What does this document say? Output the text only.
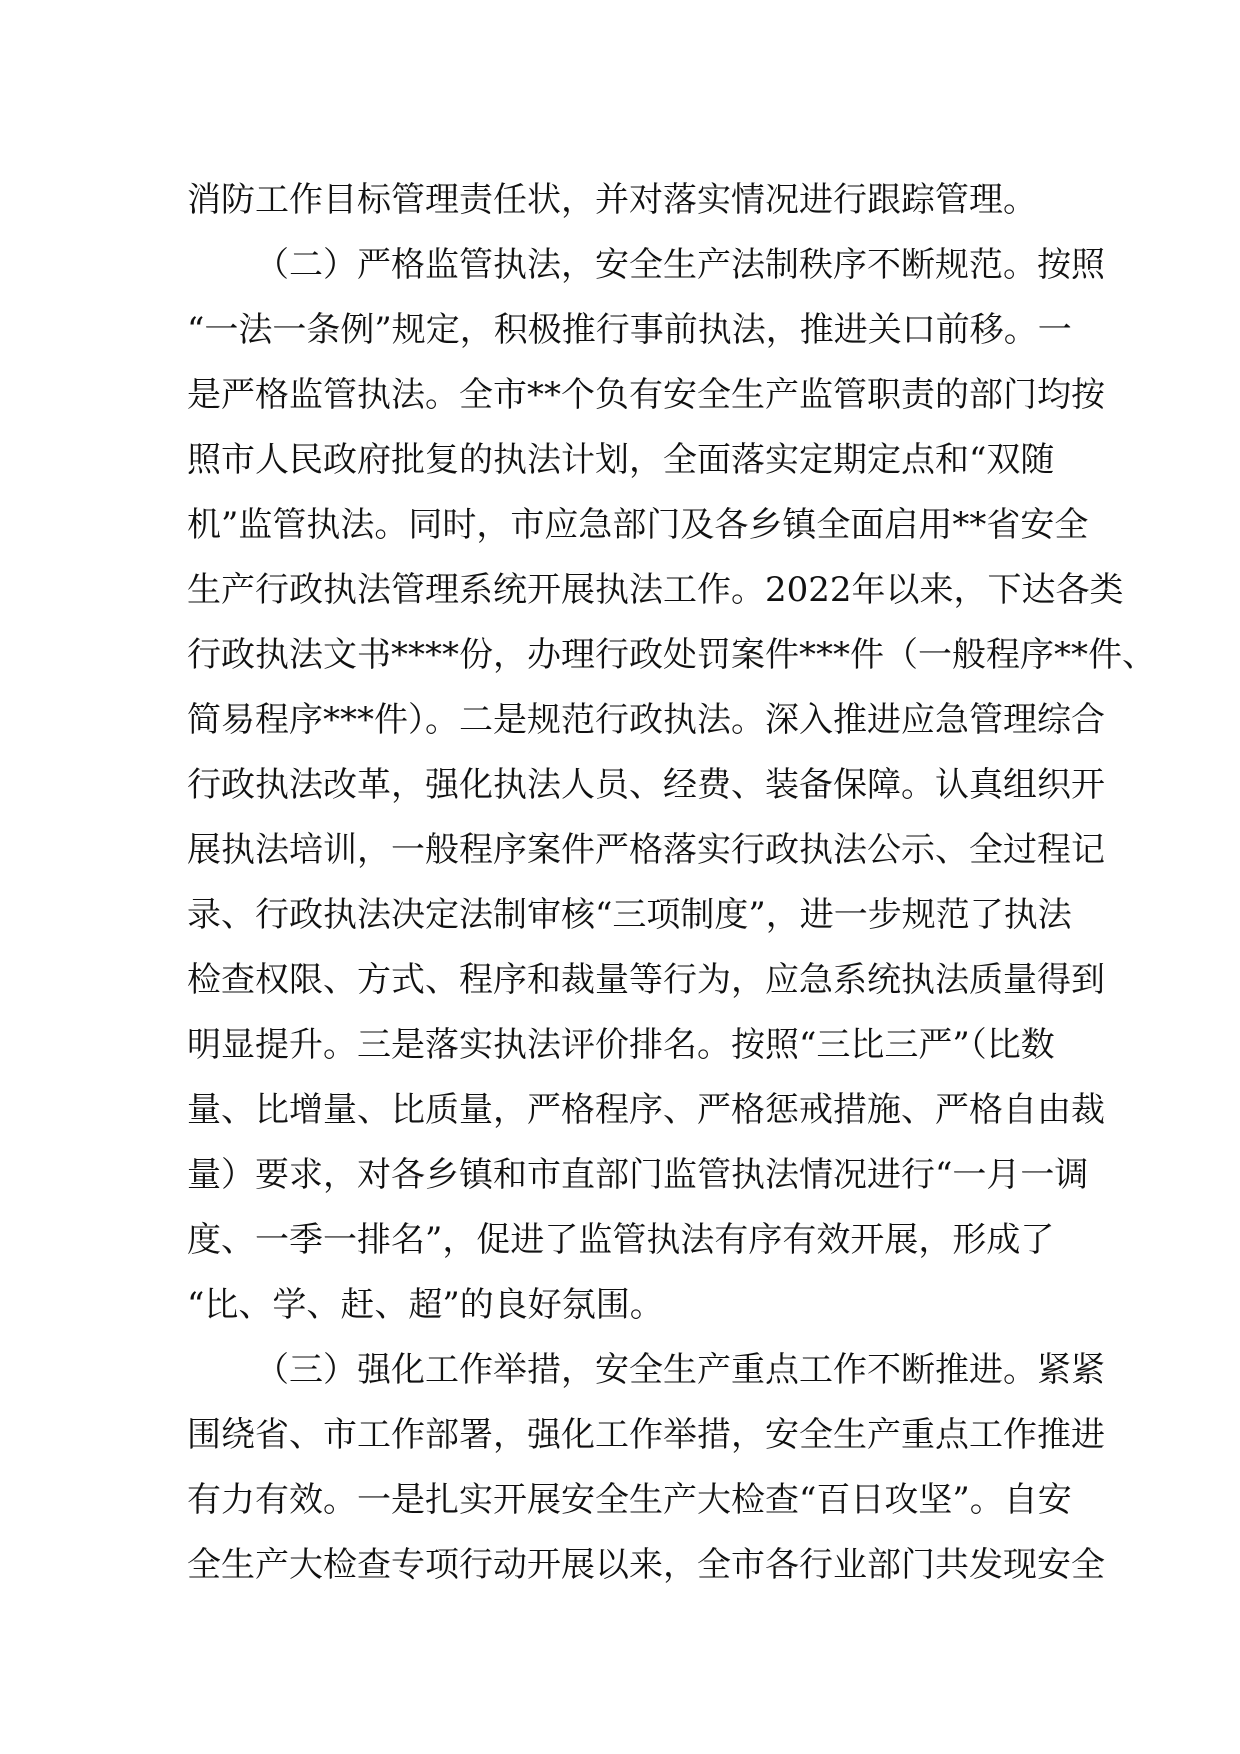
消防工作目标管理责任状，并对落实情况进行跟踪管理。
（二）严格监管执法，安全生产法制秩序不断规范。按照
“一法一条例”规定，积极推行事前执法，推进关口前移。一
是严格监管执法。全市**个负有安全生产监管职责的部门均按
照市人民政府批复的执法计划，全面落实定期定点和“双随
机”监管执法。同时，市应急部门及各乡镇全面启用**省安全
生产行政执法管理系统开展执法工作。2022年以来，下达各类
行政执法文书****份，办理行政处罚案件***件（一般程序**件、
简易程序***件）。二是规范行政执法。深入推进应急管理综合
行政执法改革，强化执法人员、经费、装备保障。认真组织开
展执法培训，一般程序案件严格落实行政执法公示、全过程记
录、行政执法决定法制审核“三项制度”，进一步规范了执法
检查权限、方式、程序和裁量等行为，应急系统执法质量得到
明显提升。三是落实执法评价排名。按照“三比三严”（比数
量、比增量、比质量，严格程序、严格惩戒措施、严格自由裁
量）要求，对各乡镇和市直部门监管执法情况进行“一月一调
度、一季一排名”，促进了监管执法有序有效开展，形成了
“比、学、赶、超”的良好氛围。
（三）强化工作举措，安全生产重点工作不断推进。紧紧
围绕省、市工作部署，强化工作举措，安全生产重点工作推进
有力有效。一是扎实开展安全生产大检查“百日攻坚”。自安
全生产大检查专项行动开展以来，全市各行业部门共发现安全
